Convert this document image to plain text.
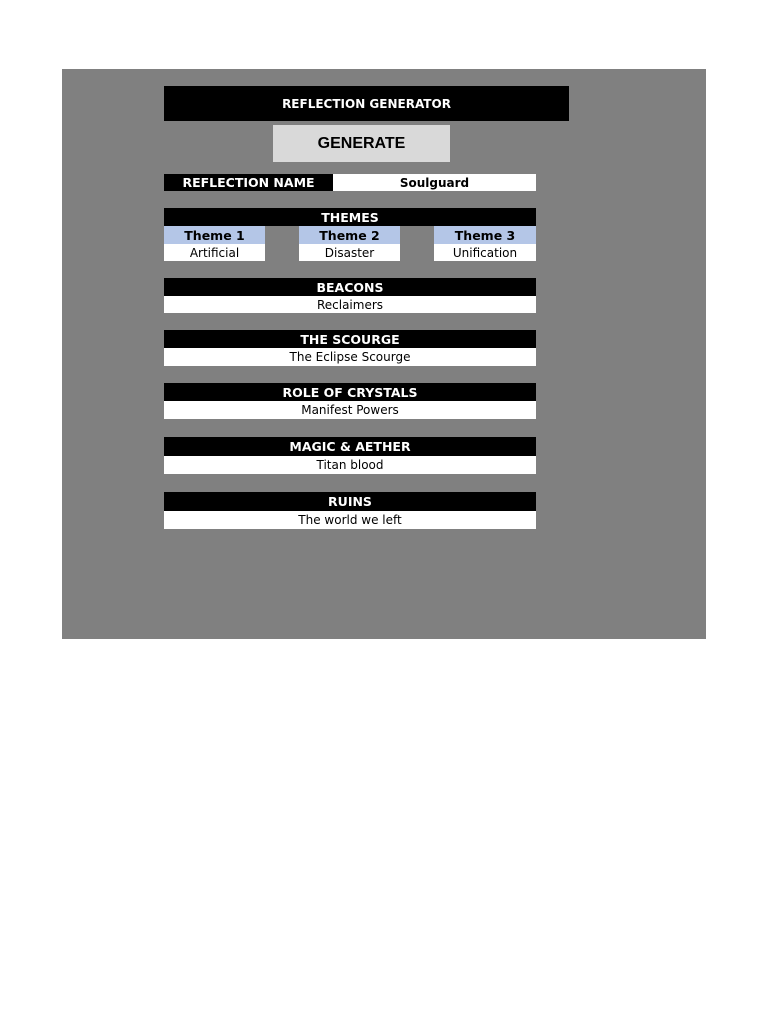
REFLECTION GENERATOR
GENERATE
REFLECTION NAME	Soulguard
THEMES
Theme 1
Artificial
Theme 2
Disaster
Theme 3
Unification
BEACONS
Reclaimers
THE SCOURGE
The Eclipse Scourge
ROLE OF CRYSTALS
Manifest Powers
MAGIC & AETHER
Titan blood
RUINS
The world we left
